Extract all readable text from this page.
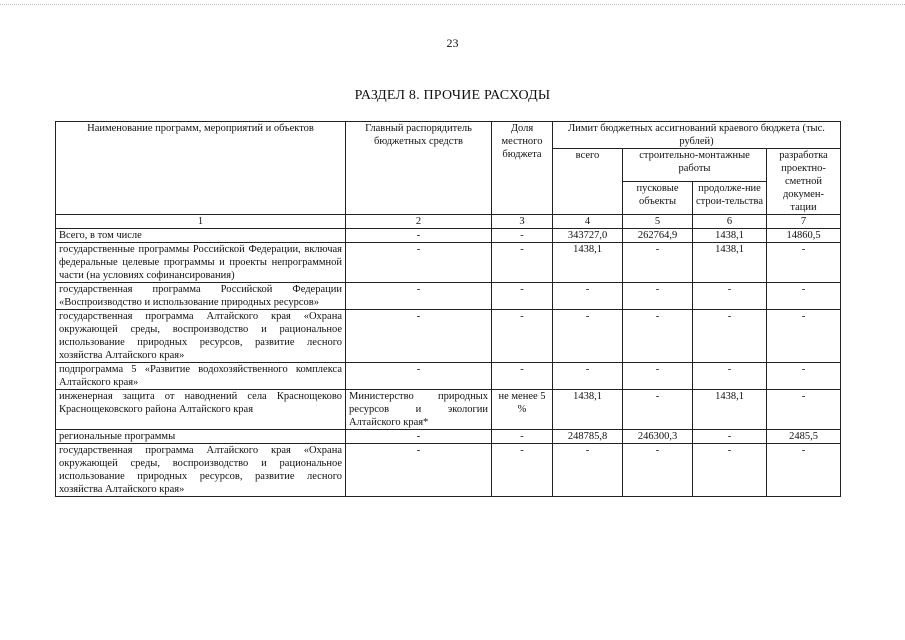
23
РАЗДЕЛ 8. ПРОЧИЕ РАСХОДЫ
Наименование программ, мероприятий и объектов	Главный распорядитель бюджетных средств	Доля местного бюджета	Лимит бюджетных ассигнований краевого бюджета (тыс. рублей)			
			всего	строительно-монтажные работы		разработка проектно-сметной докумен-тации
				пусковые объекты	продолже-ние строи-тельства	
1	2	3	4	5	6	7
Всего, в том числе	-	-	343727,0	262764,9	1438,1	14860,5
государственные программы Российской Федерации, включая федеральные целевые программы и проекты непрограммной части (на условиях софинансирования)	-	-	1438,1	-	1438,1	-
государственная программа Российской Федерации «Воспроизводство и использование природных ресурсов»	-	-	-	-	-	-
государственная программа Алтайского края «Охрана окружающей среды, воспроизводство и рациональное использование природных ресурсов, развитие лесного хозяйства Алтайского края»	-	-	-	-	-	-
подпрограмма 5 «Развитие водохозяйственного комплекса Алтайского края»	-	-	-	-	-	-
инженерная защита от наводнений села Краснощеково Краснощековского района Алтайского края	Министерство природных ресурсов и экологии Алтайского края*	не менее 5 %	1438,1	-	1438,1	-
региональные программы	-	-	248785,8	246300,3	-	2485,5
государственная программа Алтайского края «Охрана окружающей среды, воспроизводство и рациональное использование природных ресурсов, развитие лесного хозяйства Алтайского края»	-	-	-	-	-	-
